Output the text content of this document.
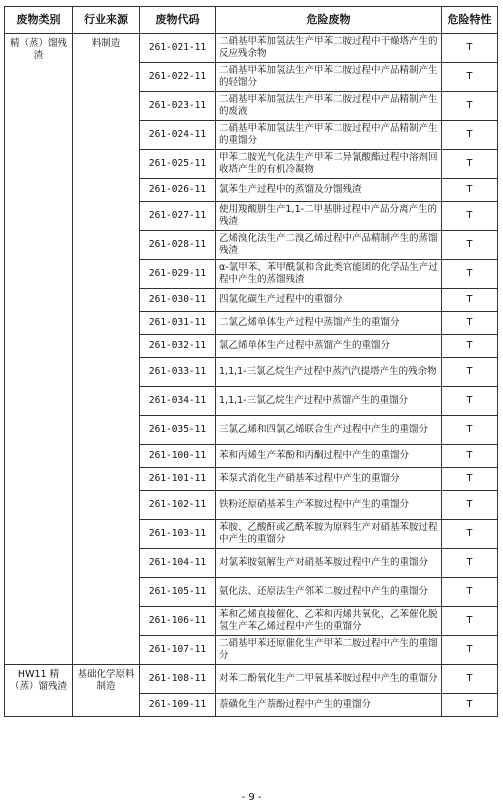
废物类别	行业来源	废物代码	危险废物	危险特性
精（蒸）馏残渣	料制造	261-021-11	二硝基甲苯加氢法生产甲苯二胺过程中干燥塔产生的反应残余物	T
		261-022-11	二硝基甲苯加氢法生产甲苯二胺过程中产品精制产生的轻馏分	T
		261-023-11	二硝基甲苯加氢法生产甲苯二胺过程中产品精制产生的废液	T
		261-024-11	二硝基甲苯加氢法生产甲苯二胺过程中产品精制产生的重馏分	T
		261-025-11	甲苯二胺光气化法生产甲苯二异氰酸酯过程中溶剂回收塔产生的有机冷凝物	T
		261-026-11	氯苯生产过程中的蒸馏及分馏残渣	T
		261-027-11	使用羧酸肼生产1,1-二甲基肼过程中产品分离产生的残渣	T
		261-028-11	乙烯溴化法生产二溴乙烯过程中产品精制产生的蒸馏残渣	T
		261-029-11	α-氯甲苯、苯甲酰氯和含此类官能团的化学品生产过程中产生的蒸馏残渣	T
		261-030-11	四氯化碳生产过程中的重馏分	T
		261-031-11	二氯乙烯单体生产过程中蒸馏产生的重馏分	T
		261-032-11	氯乙烯单体生产过程中蒸馏产生的重馏分	T
		261-033-11	1,1,1-三氯乙烷生产过程中蒸汽汽提塔产生的残余物	T
		261-034-11	1,1,1-三氯乙烷生产过程中蒸馏产生的重馏分	T
		261-035-11	三氯乙烯和四氯乙烯联合生产过程中产生的重馏分	T
		261-100-11	苯和丙烯生产苯酚和丙酮过程中产生的重馏分	T
		261-101-11	苯泵式消化生产硝基苯过程中产生的重馏分	T
		261-102-11	铁粉还原硝基苯生产苯胺过程中产生的重馏分	T
		261-103-11	苯胺、乙酸酐或乙酰苯胺为原料生产对硝基苯胺过程中产生的重馏分	T
		261-104-11	对氯苯胺氨解生产对硝基苯胺过程中产生的重馏分	T
		261-105-11	氨化法、还原法生产邻苯二胺过程中产生的重馏分	T
		261-106-11	苯和乙烯直接催化、乙苯和丙烯共氧化、乙苯催化脱氢生产苯乙烯过程中产生的重馏分	T
		261-107-11	二硝基甲苯还原催化生产甲苯二胺过程中产生的重馏分	T
HW11 精（蒸）馏残渣	基础化学原料制造	261-108-11	对苯二酚氧化生产二甲氧基苯胺过程中产生的重馏分	T
		261-109-11	萘磺化生产萘酚过程中产生的重馏分	T
- 9 -
